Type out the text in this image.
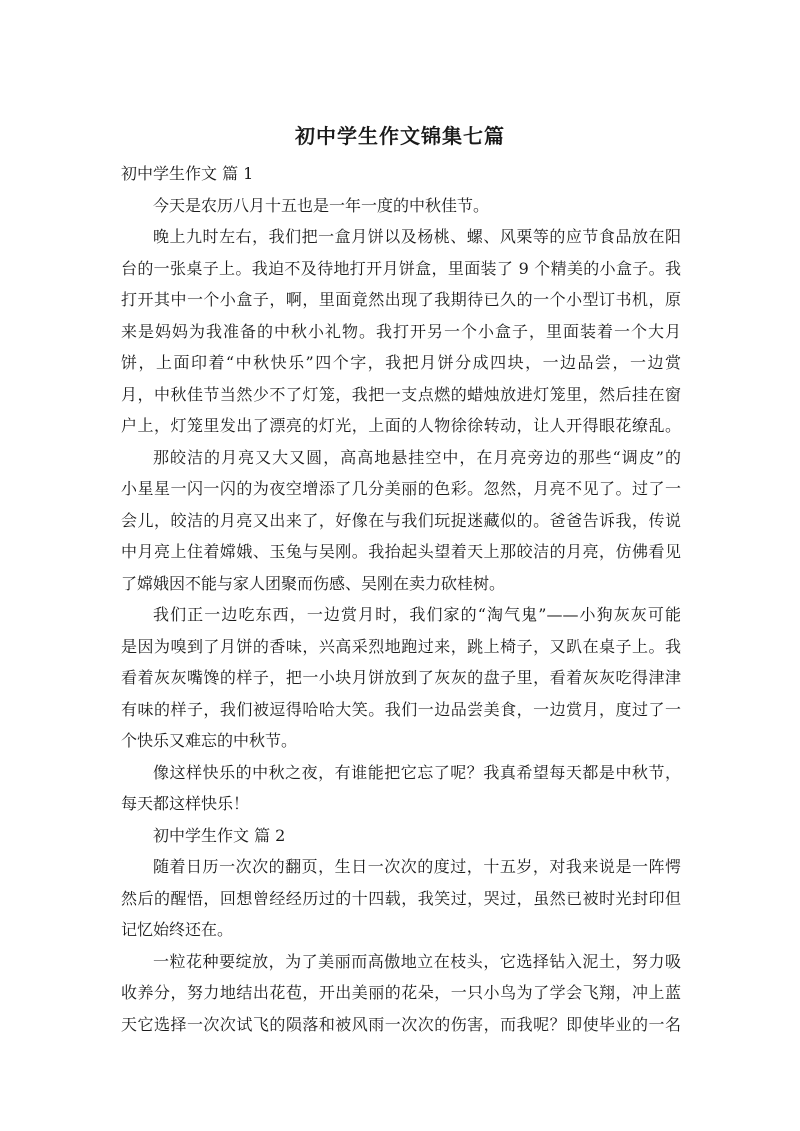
初中学生作文锦集七篇
初中学生作文 篇 1
今天是农历八月十五也是一年一度的中秋佳节。
晚上九时左右，我们把一盒月饼以及杨桃、螺、风栗等的应节食品放在阳
台的一张桌子上。我迫不及待地打开月饼盒，里面装了 9 个精美的小盒子。我
打开其中一个小盒子，啊，里面竟然出现了我期待已久的一个小型订书机，原
来是妈妈为我准备的中秋小礼物。我打开另一个小盒子，里面装着一个大月
饼，上面印着“中秋快乐”四个字，我把月饼分成四块，一边品尝，一边赏
月，中秋佳节当然少不了灯笼，我把一支点燃的蜡烛放进灯笼里，然后挂在窗
户上，灯笼里发出了漂亮的灯光，上面的人物徐徐转动，让人开得眼花缭乱。
那皎洁的月亮又大又圆，高高地悬挂空中，在月亮旁边的那些“调皮”的
小星星一闪一闪的为夜空增添了几分美丽的色彩。忽然，月亮不见了。过了一
会儿，皎洁的月亮又出来了，好像在与我们玩捉迷藏似的。爸爸告诉我，传说
中月亮上住着嫦娥、玉兔与吴刚。我抬起头望着天上那皎洁的月亮，仿佛看见
了嫦娥因不能与家人团聚而伤感、吴刚在卖力砍桂树。
我们正一边吃东西，一边赏月时，我们家的“淘气鬼”——小狗灰灰可能
是因为嗅到了月饼的香味，兴高采烈地跑过来，跳上椅子，又趴在桌子上。我
看着灰灰嘴馋的样子，把一小块月饼放到了灰灰的盘子里，看着灰灰吃得津津
有味的样子，我们被逗得哈哈大笑。我们一边品尝美食，一边赏月，度过了一
个快乐又难忘的中秋节。
像这样快乐的中秋之夜，有谁能把它忘了呢？我真希望每天都是中秋节，
每天都这样快乐！
初中学生作文 篇 2
随着日历一次次的翻页，生日一次次的度过，十五岁，对我来说是一阵愕
然后的醒悟，回想曾经经历过的十四载，我笑过，哭过，虽然已被时光封印但
记忆始终还在。
一粒花种要绽放，为了美丽而高傲地立在枝头，它选择钻入泥土，努力吸
收养分，努力地结出花苞，开出美丽的花朵，一只小鸟为了学会飞翔，冲上蓝
天它选择一次次试飞的陨落和被风雨一次次的伤害，而我呢？即使毕业的一名
